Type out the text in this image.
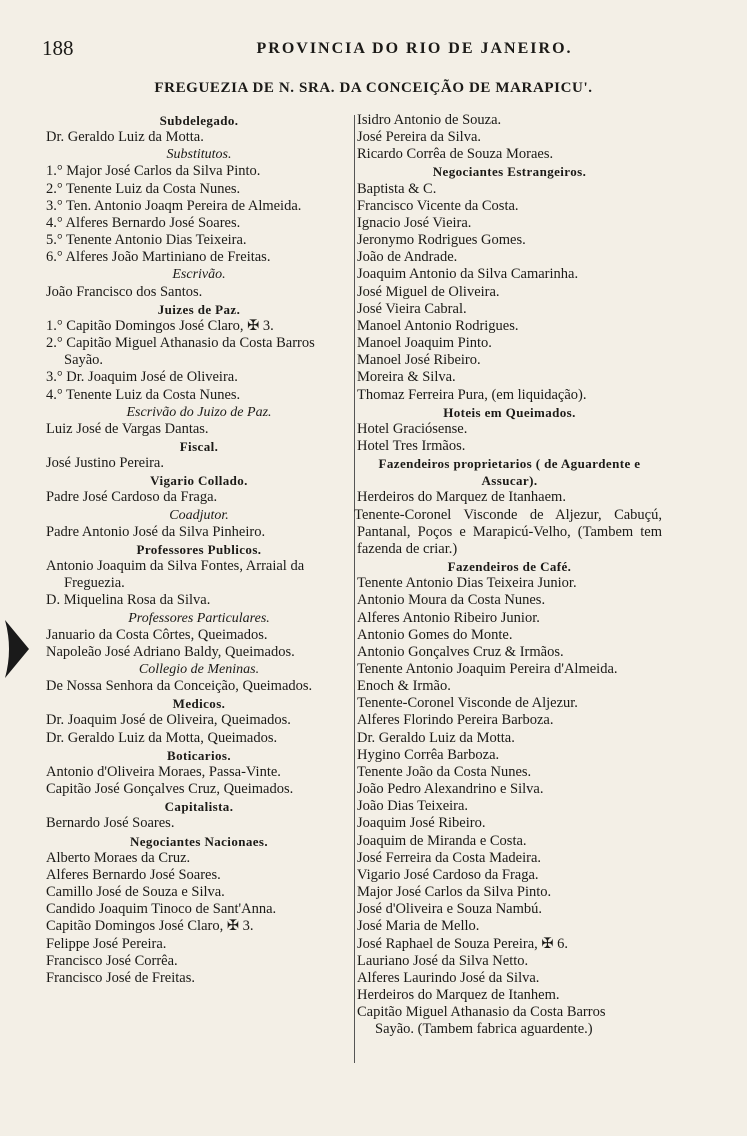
188	PROVINCIA DO RIO DE JANEIRO.
FREGUEZIA DE N. SRA. DA CONCEIÇÃO DE MARAPICU'.
Subdelegado.
Dr. Geraldo Luiz da Motta.
Substitutos.
1.° Major José Carlos da Silva Pinto.
2.° Tenente Luiz da Costa Nunes.
3.° Ten. Antonio Joaqm Pereira de Almeida.
4.° Alferes Bernardo José Soares.
5.° Tenente Antonio Dias Teixeira.
6.° Alferes João Martiniano de Freitas.
Escrivão.
João Francisco dos Santos.
Juizes de Paz.
1.° Capitão Domingos José Claro, ✠ 3.
2.° Capitão Miguel Athanasio da Costa Barros
Sayão.
3.° Dr. Joaquim José de Oliveira.
4.° Tenente Luiz da Costa Nunes.
Escrivão do Juizo de Paz.
Luiz José de Vargas Dantas.
Fiscal.
José Justino Pereira.
Vigario Collado.
Padre José Cardoso da Fraga.
Coadjutor.
Padre Antonio José da Silva Pinheiro.
Professores Publicos.
Antonio Joaquim da Silva Fontes, Arraial da
Freguezia.
D. Miquelina Rosa da Silva.
Professores Particulares.
Januario da Costa Côrtes, Queimados.
Napoleão José Adriano Baldy, Queimados.
Collegio de Meninas.
De Nossa Senhora da Conceição, Queimados.
Medicos.
Dr. Joaquim José de Oliveira, Queimados.
Dr. Geraldo Luiz da Motta, Queimados.
Boticarios.
Antonio d'Oliveira Moraes, Passa-Vinte.
Capitão José Gonçalves Cruz, Queimados.
Capitalista.
Bernardo José Soares.
Negociantes Nacionaes.
Alberto Moraes da Cruz.
Alferes Bernardo José Soares.
Camillo José de Souza e Silva.
Candido Joaquim Tinoco de Sant'Anna.
Capitão Domingos José Claro, ✠ 3.
Felippe José Pereira.
Francisco José Corrêa.
Francisco José de Freitas.
Isidro Antonio de Souza.
José Pereira da Silva.
Ricardo Corrêa de Souza Moraes.
Negociantes Estrangeiros.
Baptista & C.
Francisco Vicente da Costa.
Ignacio José Vieira.
Jeronymo Rodrigues Gomes.
João de Andrade.
Joaquim Antonio da Silva Camarinha.
José Miguel de Oliveira.
José Vieira Cabral.
Manoel Antonio Rodrigues.
Manoel Joaquim Pinto.
Manoel José Ribeiro.
Moreira & Silva.
Thomaz Ferreira Pura, (em liquidação).
Hoteis em Queimados.
Hotel Graciósense.
Hotel Tres Irmãos.
Fazendeiros proprietarios ( de Aguardente e Assucar).
Herdeiros do Marquez de Itanhaem.
Tenente-Coronel Visconde de Aljezur, Cabuçú, Pantanal, Poços e Marapicú-Velho, (Tambem tem fazenda de criar.)
Fazendeiros de Café.
Tenente Antonio Dias Teixeira Junior.
Antonio Moura da Costa Nunes.
Alferes Antonio Ribeiro Junior.
Antonio Gomes do Monte.
Antonio Gonçalves Cruz & Irmãos.
Tenente Antonio Joaquim Pereira d'Almeida.
Enoch & Irmão.
Tenente-Coronel Visconde de Aljezur.
Alferes Florindo Pereira Barboza.
Dr. Geraldo Luiz da Motta.
Hygino Corrêa Barboza.
Tenente João da Costa Nunes.
João Pedro Alexandrino e Silva.
João Dias Teixeira.
Joaquim José Ribeiro.
Joaquim de Miranda e Costa.
José Ferreira da Costa Madeira.
Vigario José Cardoso da Fraga.
Major José Carlos da Silva Pinto.
José d'Oliveira e Souza Nambú.
José Maria de Mello.
José Raphael de Souza Pereira, ✠ 6.
Lauriano José da Silva Netto.
Alferes Laurindo José da Silva.
Herdeiros do Marquez de Itanhem.
Capitão Miguel Athanasio da Costa Barros
Sayão. (Tambem fabrica aguardente.)
